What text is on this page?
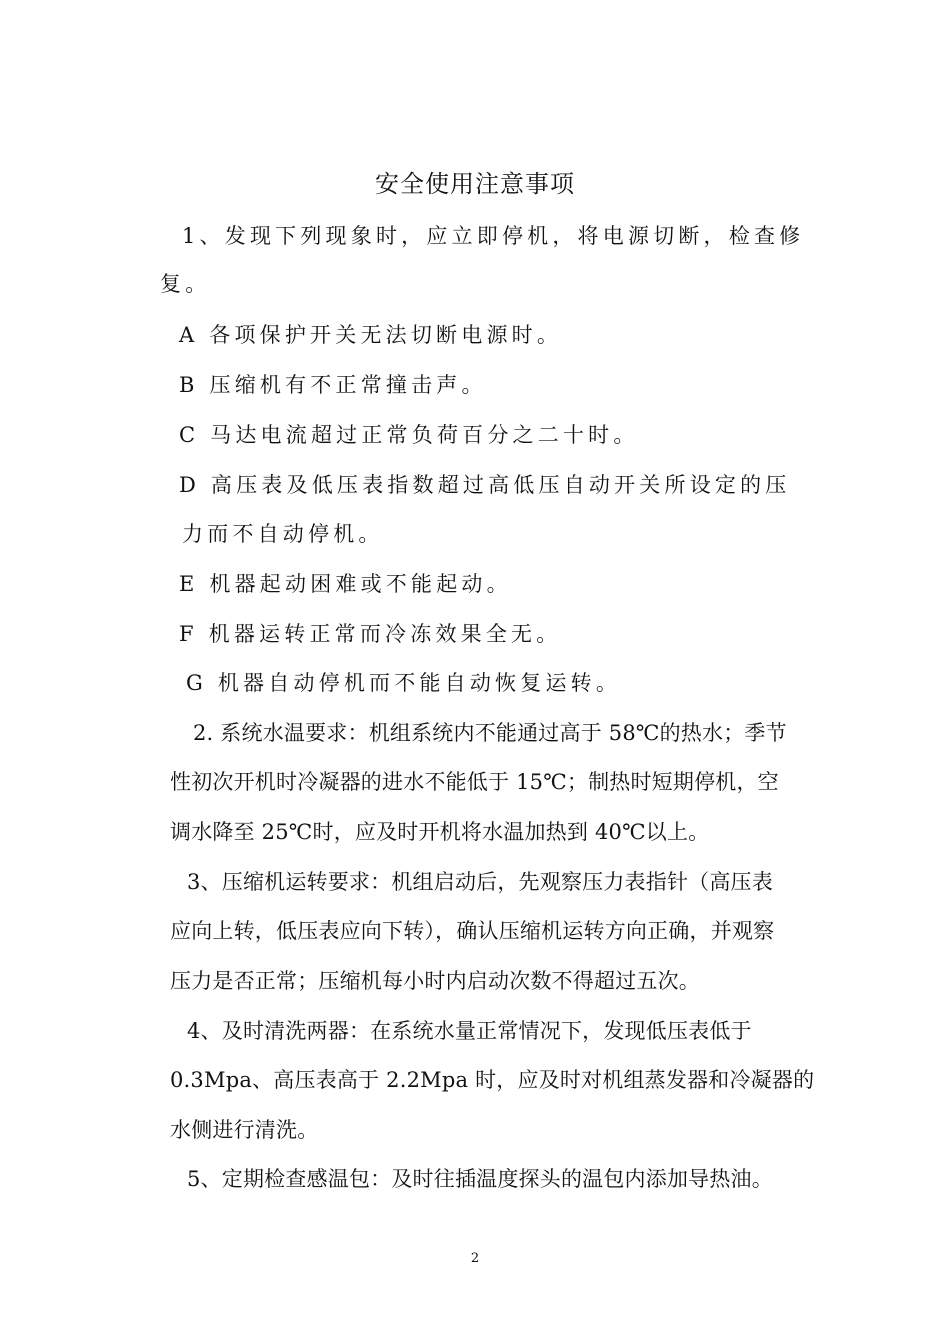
安全使用注意事项
1、发现下列现象时，应立即停机，将电源切断，检查修
复。
A 各项保护开关无法切断电源时。
B 压缩机有不正常撞击声。
C 马达电流超过正常负荷百分之二十时。
D 高压表及低压表指数超过高低压自动开关所设定的压
力而不自动停机。
E 机器起动困难或不能起动。
F 机器运转正常而冷冻效果全无。
G 机器自动停机而不能自动恢复运转。
2. 系统水温要求：机组系统内不能通过高于 58℃的热水；季节
性初次开机时冷凝器的进水不能低于 15℃；制热时短期停机，空
调水降至 25℃时，应及时开机将水温加热到 40℃以上。
3、压缩机运转要求：机组启动后，先观察压力表指针（高压表
应向上转，低压表应向下转），确认压缩机运转方向正确，并观察
压力是否正常；压缩机每小时内启动次数不得超过五次。
4、及时清洗两器：在系统水量正常情况下，发现低压表低于
0.3Mpa、高压表高于 2.2Mpa 时，应及时对机组蒸发器和冷凝器的
水侧进行清洗。
5、定期检查感温包：及时往插温度探头的温包内添加导热油。
2
